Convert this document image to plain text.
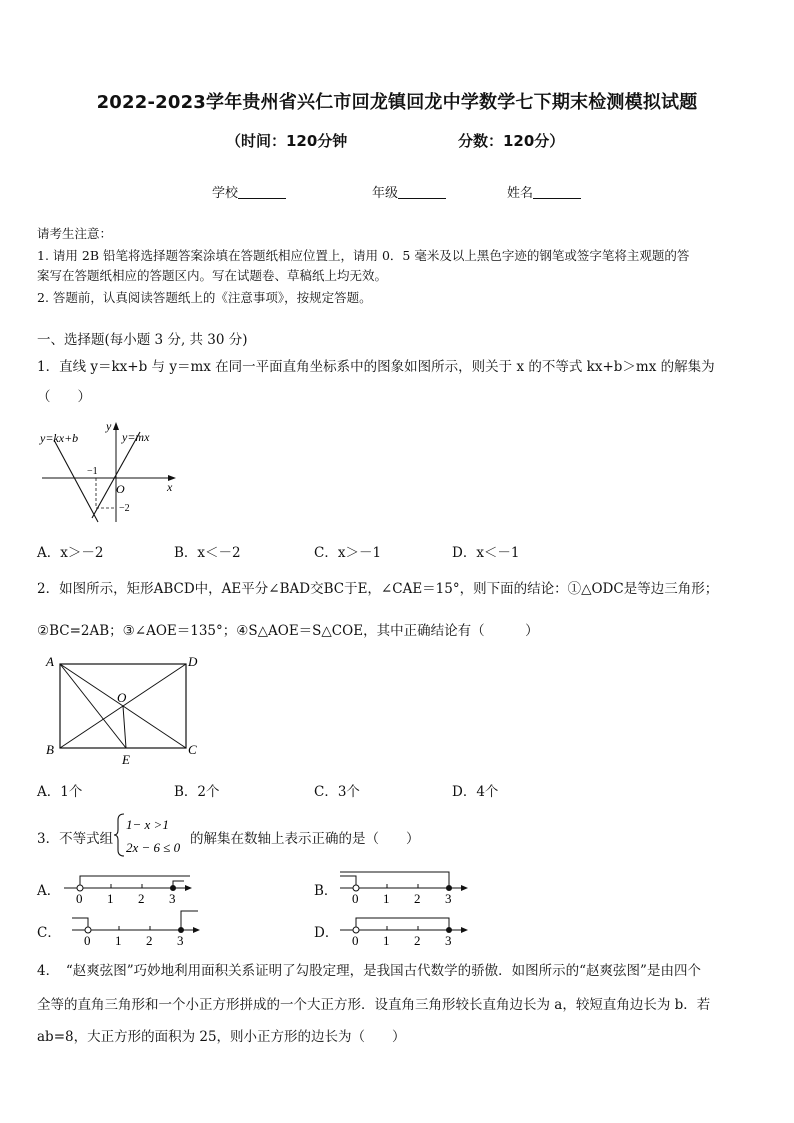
2022-2023学年贵州省兴仁市回龙镇回龙中学数学七下期末检测模拟试题
（时间：120分钟	分数：120分）
学校	年级	姓名
请考生注意：
1. 请用 2B 铅笔将选择题答案涂填在答题纸相应位置上，请用 0．5 毫米及以上黑色字迹的钢笔或签字笔将主观题的答
案写在答题纸相应的答题区内。写在试题卷、草稿纸上均无效。
2. 答题前，认真阅读答题纸上的《注意事项》，按规定答题。
一、选择题(每小题 3 分, 共 30 分)
1．直线 y＝kx+b 与 y＝mx 在同一平面直角坐标系中的图象如图所示，则关于 x 的不等式 kx+b＞mx 的解集为
（　　）
y=kx+b	y=mx
y
x
O
−1
−2
A．x＞－2	B．x＜－2	C．x＞－1	D．x＜－1
2．如图所示，矩形ABCD中，AE平分∠BAD交BC于E，∠CAE＝15°，则下面的结论：①△ODC是等边三角形；
②BC=2AB；③∠AOE＝135°；④S△AOE＝S△COE，其中正确结论有（　　　）
A	D
B	C
O
E
A．1个	B．2个	C．3个	D．4个
3．不等式组
1− x >1
2x − 6 ≤ 0
的解集在数轴上表示正确的是（　　）
A．	B．
C．	D．
0 1 2 3	0 1 2 3
0 1 2 3	0 1 2 3
4．　“赵爽弦图”巧妙地利用面积关系证明了勾股定理，是我国古代数学的骄傲．如图所示的“赵爽弦图”是由四个
全等的直角三角形和一个小正方形拼成的一个大正方形．设直角三角形较长直角边长为 a，较短直角边长为 b．若
ab=8，大正方形的面积为 25，则小正方形的边长为（　　）
